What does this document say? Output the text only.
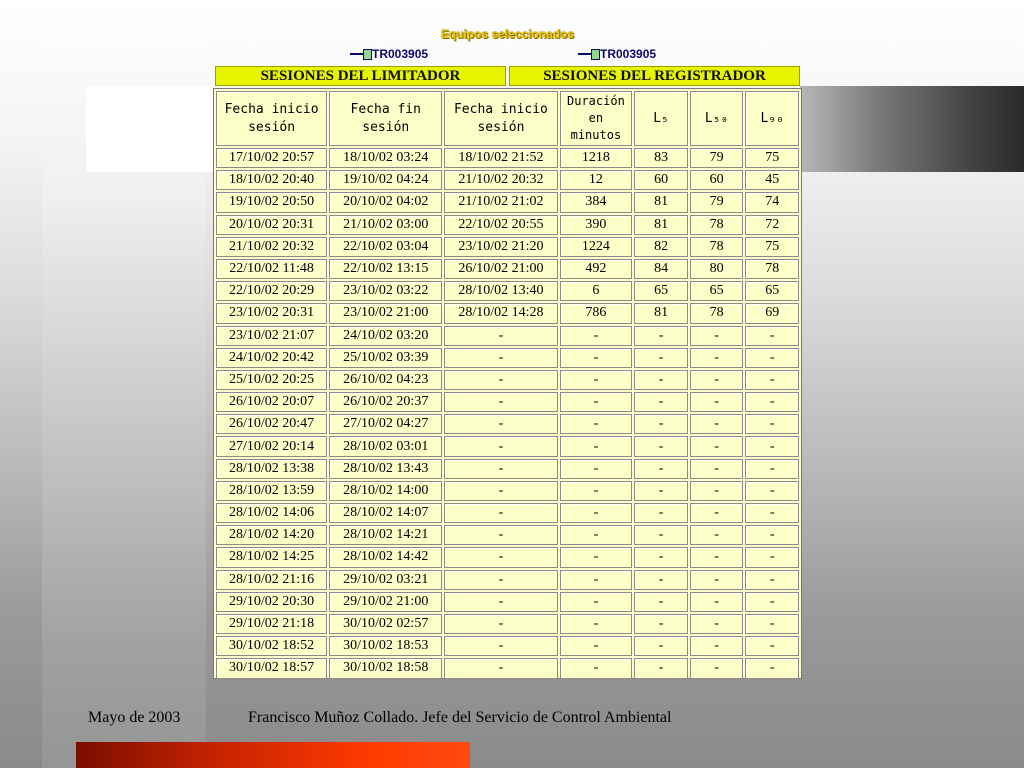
Equipos seleccionados
TR003905	TR003905
SESIONES DEL LIMITADOR	SESIONES DEL REGISTRADOR
Fecha inicio sesión	Fecha fin sesión	Fecha inicio sesión	Duración en minutos	L₅	L₅₀	L₉₀
17/10/02 20:57	18/10/02 03:24	18/10/02 21:52	1218	83	79	75
18/10/02 20:40	19/10/02 04:24	21/10/02 20:32	12	60	60	45
19/10/02 20:50	20/10/02 04:02	21/10/02 21:02	384	81	79	74
20/10/02 20:31	21/10/02 03:00	22/10/02 20:55	390	81	78	72
21/10/02 20:32	22/10/02 03:04	23/10/02 21:20	1224	82	78	75
22/10/02 11:48	22/10/02 13:15	26/10/02 21:00	492	84	80	78
22/10/02 20:29	23/10/02 03:22	28/10/02 13:40	6	65	65	65
23/10/02 20:31	23/10/02 21:00	28/10/02 14:28	786	81	78	69
23/10/02 21:07	24/10/02 03:20	-	-	-	-	-
24/10/02 20:42	25/10/02 03:39	-	-	-	-	-
25/10/02 20:25	26/10/02 04:23	-	-	-	-	-
26/10/02 20:07	26/10/02 20:37	-	-	-	-	-
26/10/02 20:47	27/10/02 04:27	-	-	-	-	-
27/10/02 20:14	28/10/02 03:01	-	-	-	-	-
28/10/02 13:38	28/10/02 13:43	-	-	-	-	-
28/10/02 13:59	28/10/02 14:00	-	-	-	-	-
28/10/02 14:06	28/10/02 14:07	-	-	-	-	-
28/10/02 14:20	28/10/02 14:21	-	-	-	-	-
28/10/02 14:25	28/10/02 14:42	-	-	-	-	-
28/10/02 21:16	29/10/02 03:21	-	-	-	-	-
29/10/02 20:30	29/10/02 21:00	-	-	-	-	-
29/10/02 21:18	30/10/02 02:57	-	-	-	-	-
30/10/02 18:52	30/10/02 18:53	-	-	-	-	-
30/10/02 18:57	30/10/02 18:58	-	-	-	-	-
Mayo de 2003	Francisco Muñoz Collado. Jefe del Servicio de Control Ambiental
